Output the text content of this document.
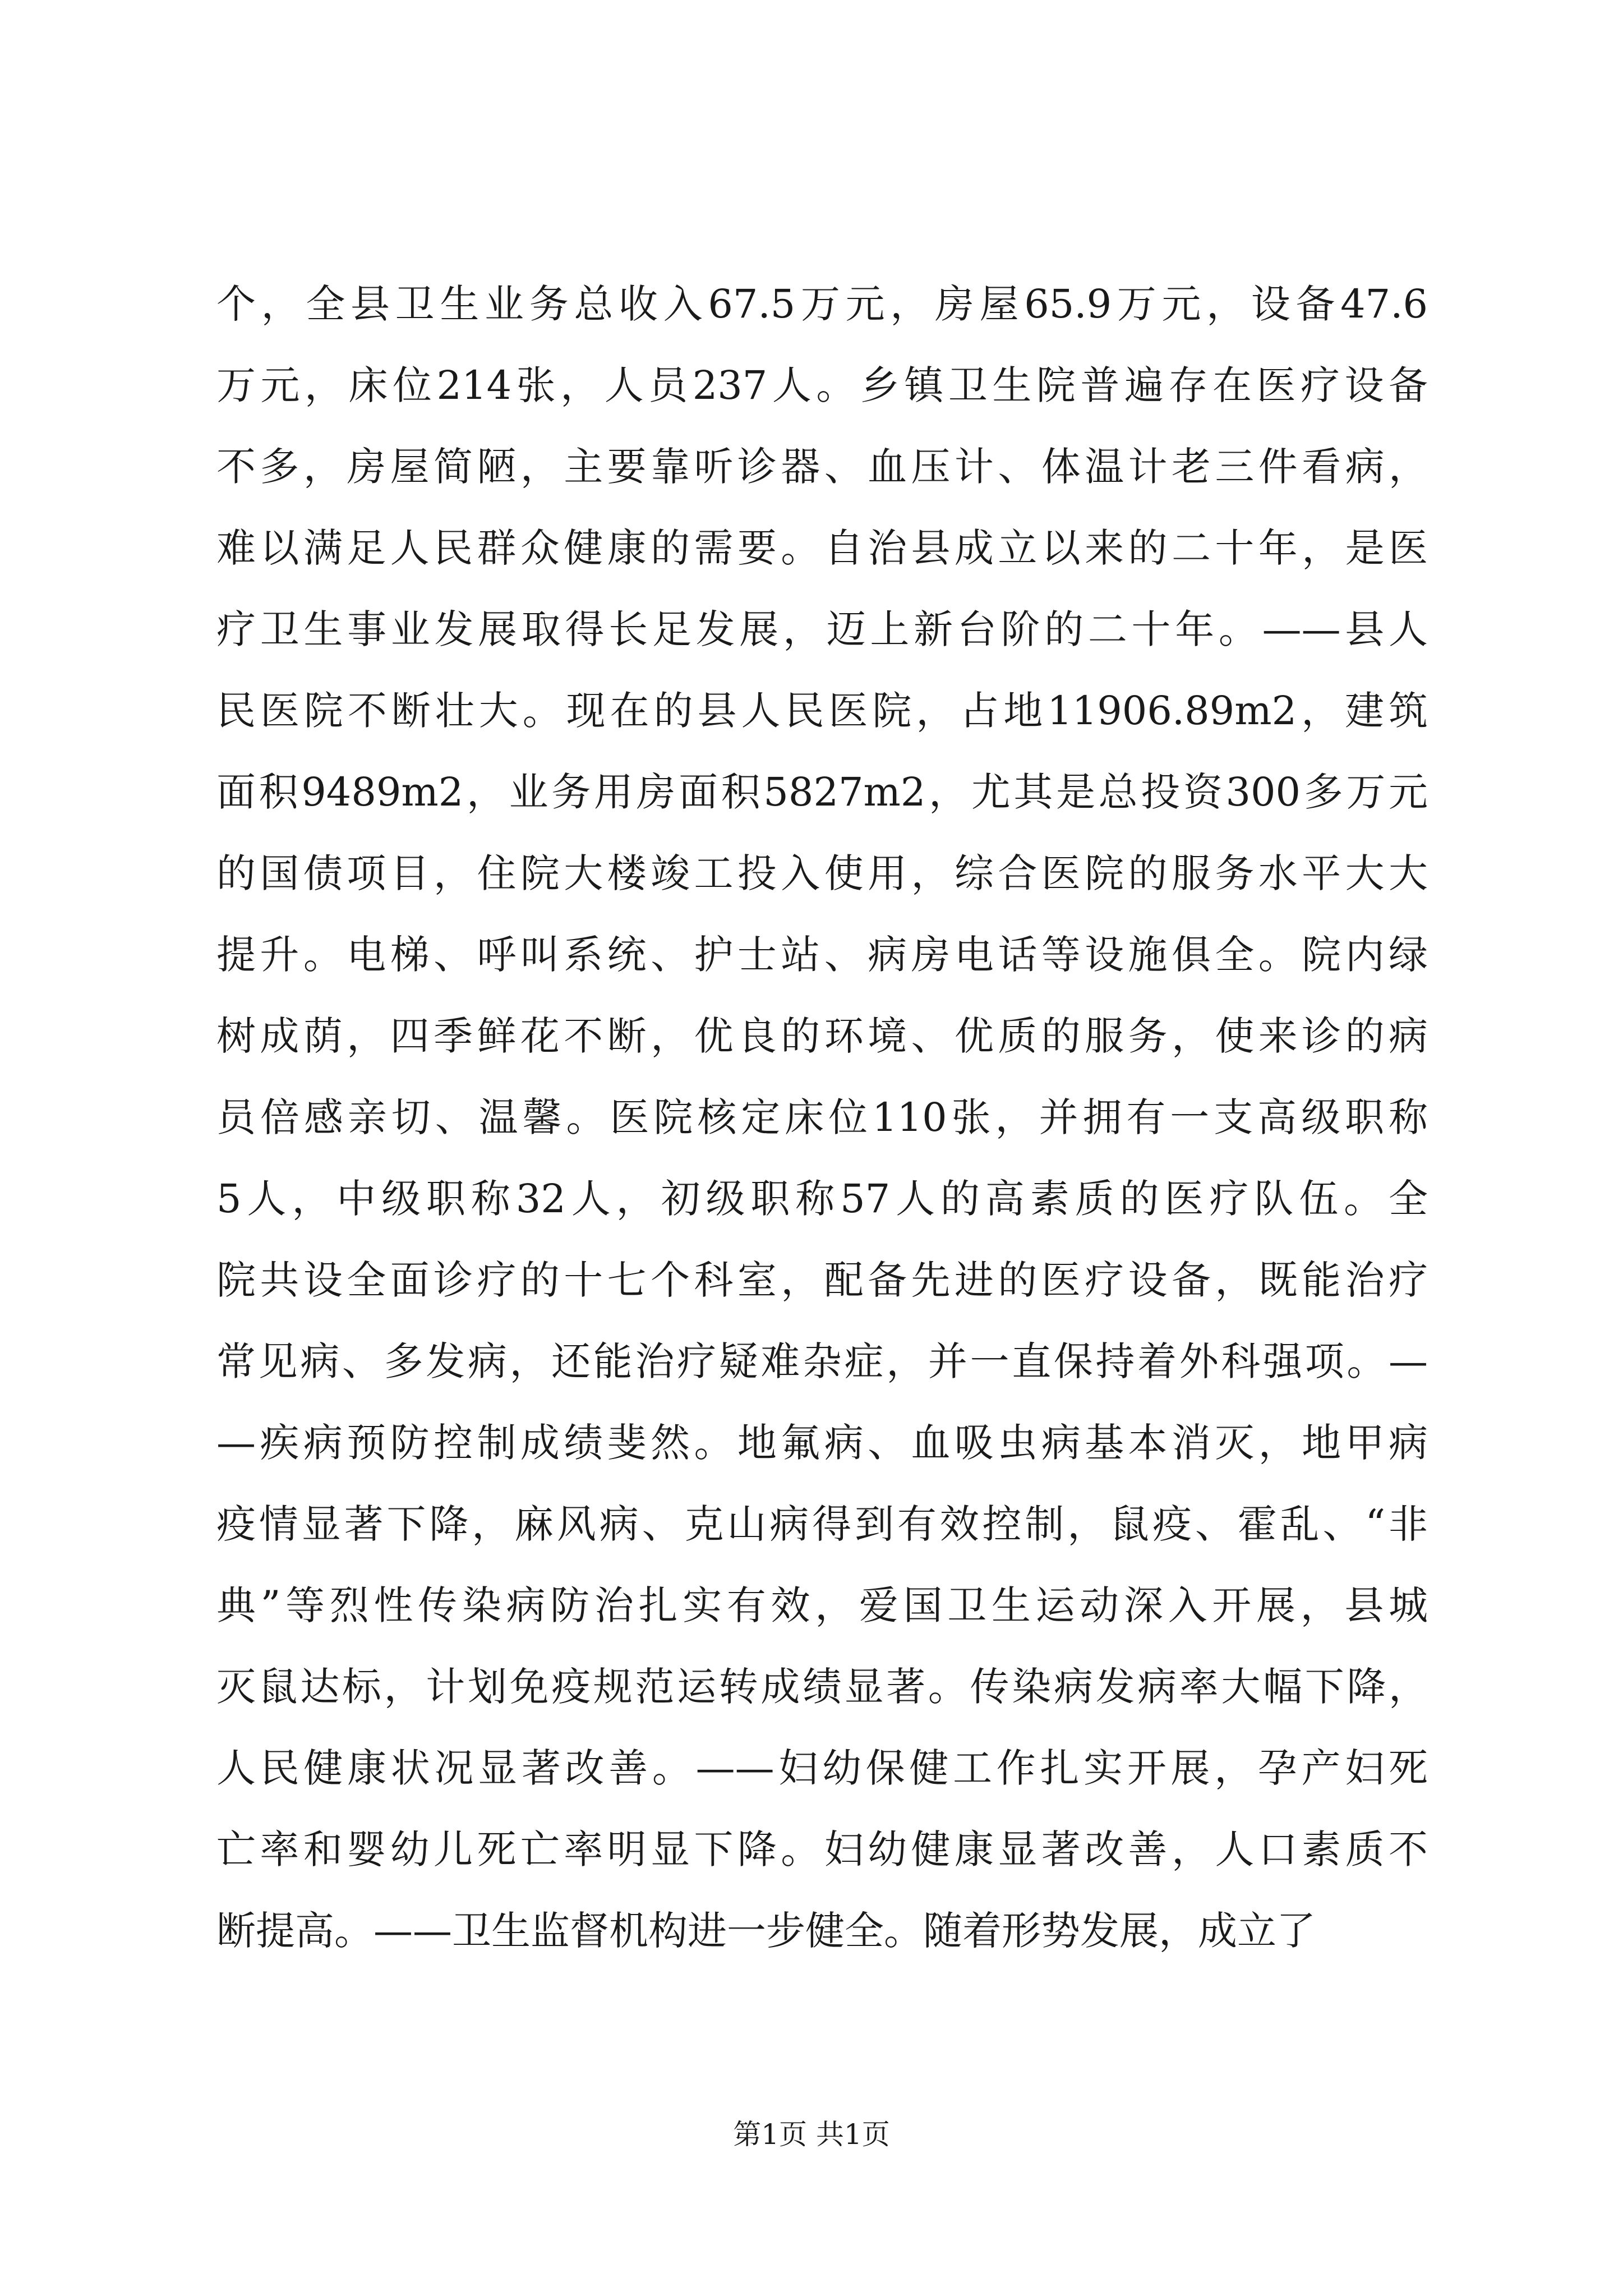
个，全县卫生业务总收入67.5万元，房屋65.9万元，设备47.6
万元，床位214张，人员237人。乡镇卫生院普遍存在医疗设备
不多，房屋简陋，主要靠听诊器、血压计、体温计老三件看病，
难以满足人民群众健康的需要。自治县成立以来的二十年，是医
疗卫生事业发展取得长足发展，迈上新台阶的二十年。——县人
民医院不断壮大。现在的县人民医院，占地11906.89m2，建筑
面积9489m2，业务用房面积5827m2，尤其是总投资300多万元
的国债项目，住院大楼竣工投入使用，综合医院的服务水平大大
提升。电梯、呼叫系统、护士站、病房电话等设施俱全。院内绿
树成荫，四季鲜花不断，优良的环境、优质的服务，使来诊的病
员倍感亲切、温馨。医院核定床位110张，并拥有一支高级职称
5人，中级职称32人，初级职称57人的高素质的医疗队伍。全
院共设全面诊疗的十七个科室，配备先进的医疗设备，既能治疗
常见病、多发病，还能治疗疑难杂症，并一直保持着外科强项。—
—疾病预防控制成绩斐然。地氟病、血吸虫病基本消灭，地甲病
疫情显著下降，麻风病、克山病得到有效控制，鼠疫、霍乱、“非
典”等烈性传染病防治扎实有效，爱国卫生运动深入开展，县城
灭鼠达标，计划免疫规范运转成绩显著。传染病发病率大幅下降，
人民健康状况显著改善。——妇幼保健工作扎实开展，孕产妇死
亡率和婴幼儿死亡率明显下降。妇幼健康显著改善，人口素质不
断提高。——卫生监督机构进一步健全。随着形势发展，成立了
第1页 共1页
